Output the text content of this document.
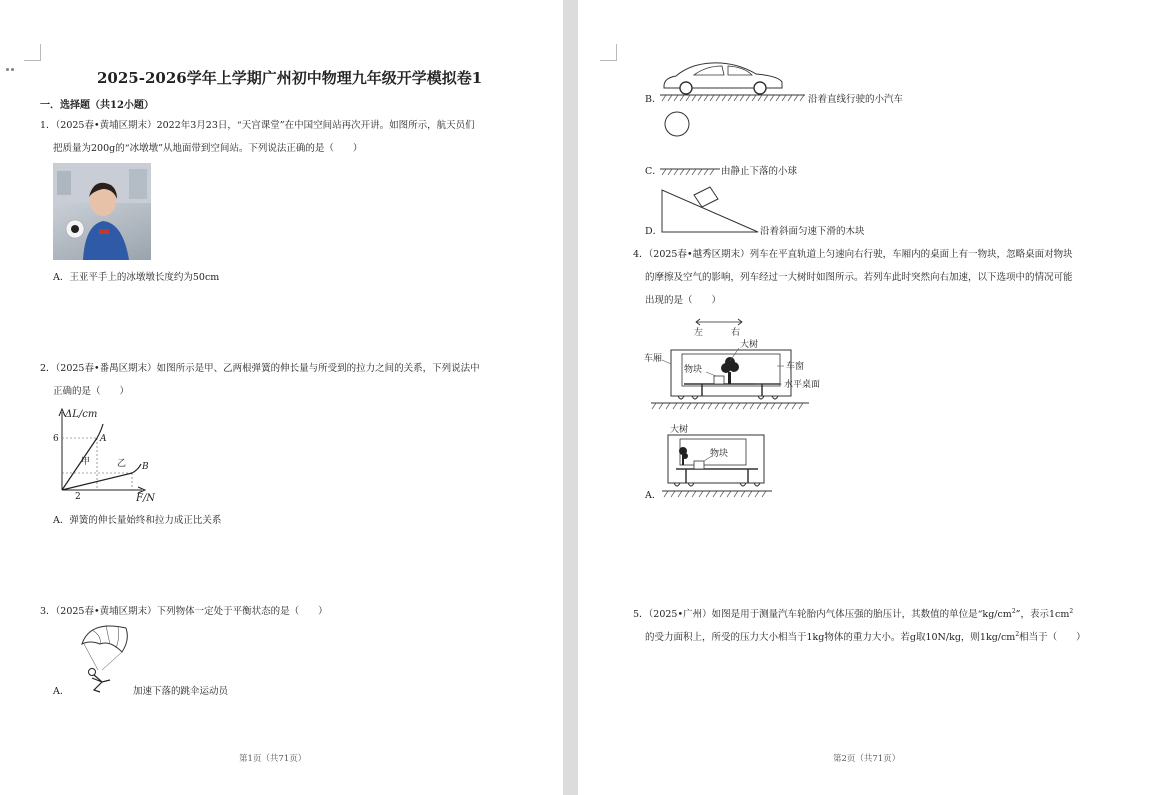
2025-2026学年上学期广州初中物理九年级开学模拟卷1
一．选择题（共12小题）
1．（2025春•黄埔区期末）2022年3月23日，“天宫课堂”在中国空间站再次开讲。如图所示，航天员们
把质量为200g的“冰墩墩”从地面带到空间站。下列说法正确的是（　　）
A．王亚平手上的冰墩墩长度约为50cm
2．（2025春•番禺区期末）如图所示是甲、乙两根弹簧的伸长量与所受到的拉力之间的关系，下列说法中
正确的是（　　）
ΔL/cm
F/N
6
2
甲	乙
A
B
A．弹簧的伸长量始终和拉力成正比关系
3．（2025春•黄埔区期末）下列物体一定处于平衡状态的是（　　）
A．	加速下落的跳伞运动员
第1页（共71页）
B．	沿着直线行驶的小汽车
C．	由静止下落的小球
D．	沿着斜面匀速下滑的木块
4．（2025春•越秀区期末）列车在平直轨道上匀速向右行驶，车厢内的桌面上有一物块，忽略桌面对物块
的摩擦及空气的影响，列车经过一大树时如图所示。若列车此时突然向右加速，以下选项中的情况可能
出现的是（　　）
左	右
大树
车厢
物块	车窗
水平桌面
大树
物块
A．
5．（2025•广州）如图是用于测量汽车轮胎内气体压强的胎压计，其数值的单位是“$kg/cm^2$”，表示$1cm^2$
的受力面积上，所受的压力大小相当于1kg物体的重力大小。若g取10N/kg，则$1kg/cm^2$相当于（　　）
第2页（共71页）
